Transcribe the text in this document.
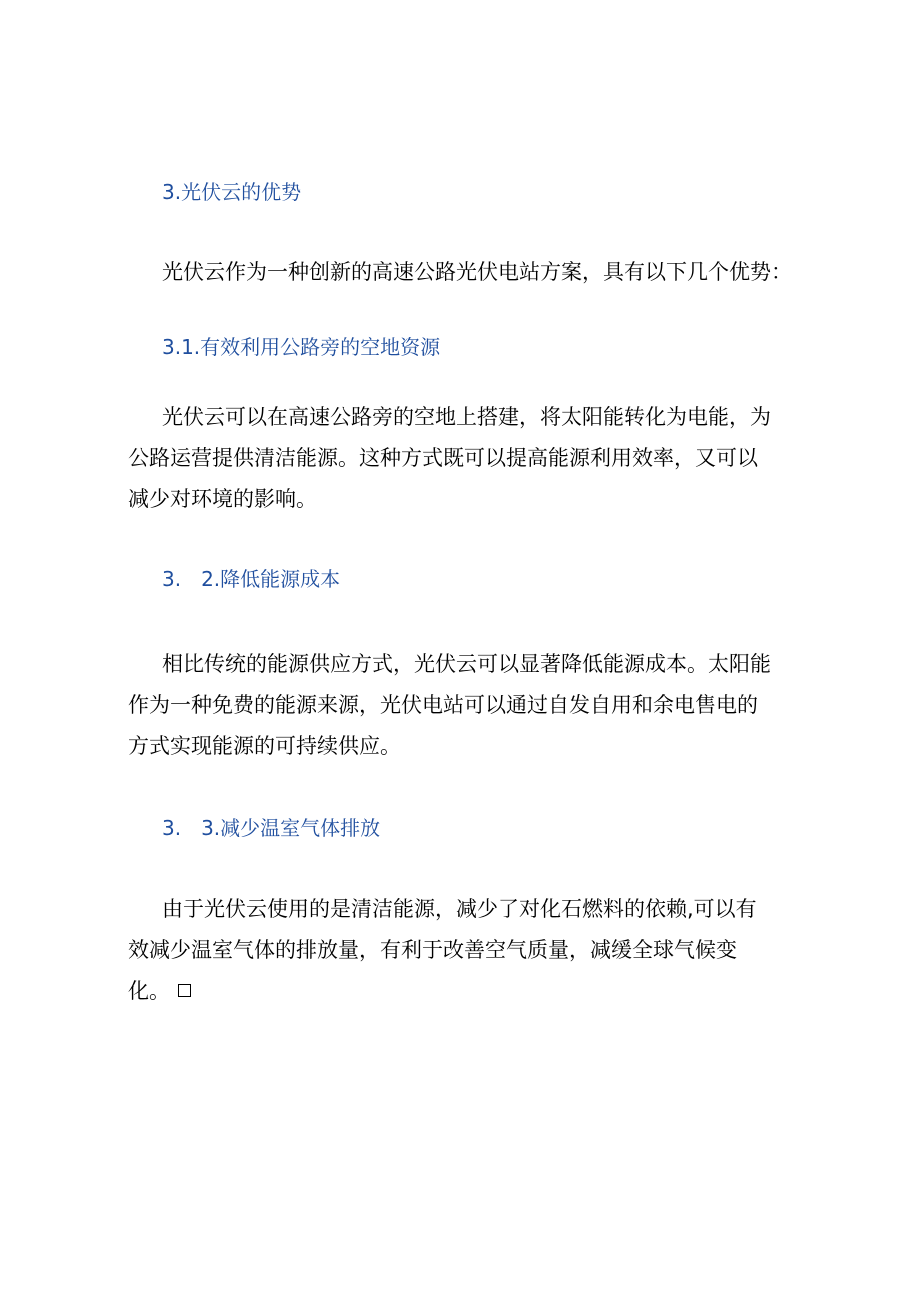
3.光伏云的优势

光伏云作为一种创新的高速公路光伏电站方案，具有以下几个优势：

3.1.有效利用公路旁的空地资源

光伏云可以在高速公路旁的空地上搭建，将太阳能转化为电能，为

公路运营提供清洁能源。这种方式既可以提高能源利用效率，又可以

减少对环境的影响。

3.　2.降低能源成本

相比传统的能源供应方式，光伏云可以显著降低能源成本。太阳能

作为一种免费的能源来源，光伏电站可以通过自发自用和余电售电的

方式实现能源的可持续供应。

3.　3.减少温室气体排放

由于光伏云使用的是清洁能源，减少了对化石燃料的依赖,可以有

效减少温室气体的排放量，有利于改善空气质量，减缓全球气候变

化。
